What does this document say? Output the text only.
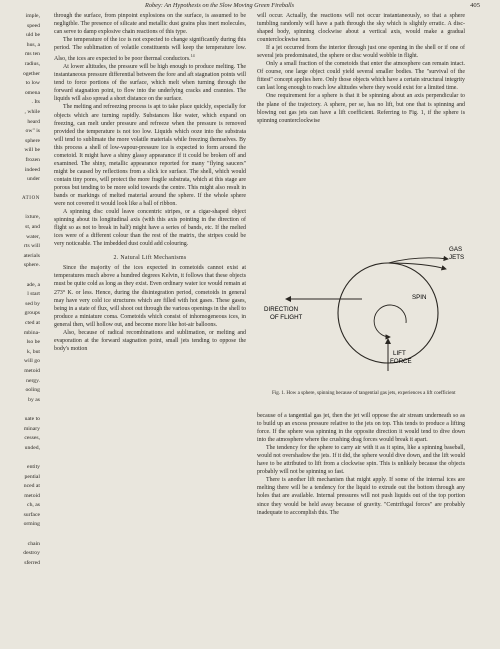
Robey: An Hypothesis on the Slow Moving Green Fireballs	405
imple,
speed
uld be
hus, a
ms ten
radius,
ogether
to low
omena
. Its
, while
heard
ow" is
sphere
will be
frozen
indeed
under
ATION
ixture,
st, and
water,
rts will
aterials
sphere.
ade, a
l start
sed by
groups
cted at
mbina-
lso be
k, but
will go
metoid
nergy.
ooling
by as
uate to
minary
cesses,
unded,
entity
pential
nced at
metoid
ch, as
surface
orming
chain
destroy
sferred

through the surface, from pinpoint explosions on the surface, is assumed to be negligible. The presence of silicate and metallic dust grains plus inert molecules, can serve to damp explosive chain reactions of this type.

The temperature of the ice is not expected to change significantly during this period. The sublimation of volatile constituents will keep the temperature low. Also, the ices are expected to be poor thermal conductors.$^{14}$

At lower altitudes, the pressure will be high enough to produce melting. The instantaneous pressure differential between the fore and aft stagnation points will tend to force portions of the surface, which melt when turning through the forward stagnation point, to flow into the underlying cracks and crannies. The liquids will also spread a short distance on the surface.

The melting and refreezing process is apt to take place quickly, especially for objects which are turning rapidly. Substances like water, which expand on freezing, can melt under pressure and refreeze when the pressure is removed provided the temperature is not too low. Liquids which ooze into the substrata will tend to sublimate the more volatile materials while freezing themselves. By this process a shell of low-vapour-pressure ice is expected to form around the cometoid. It might have a shiny glassy appearance if it could be broken off and examined. The shiny, metallic appearance reported for many "flying saucers" might be caused by reflections from a slick ice surface. The shell, which would contain tiny pores, will protect the more fragile substrata, which at this stage are porous but tending to be more solid towards the centre. This might also result in bands or markings of melted material around the sphere. If the whole sphere were not covered it would look like a ball of ribbon.

A spinning disc could leave concentric stripes, or a cigar-shaped object spinning about its longitudinal axis (with this axis pointing in the direction of flight so as not to break in half) might have a series of bands, etc. If the melted ices were of a different colour than the rest of the matrix, the stripes could be very noticeable. The imbedded dust could add colouring.

2. Natural Lift Mechanisms

Since the majority of the ices expected in cometoids cannot exist at temperatures much above a hundred degrees Kelvin, it follows that these objects must be quite cold as long as they exist. Even ordinary water ice would remain at 273° K. or less. Hence, during the disintegration period, cometoids in general may have very cold ice structures which are filled with hot gases. These gases, being in a state of flux, will shoot out through the various openings in the shell to produce a miniature coma. Cometoids which consist of inhomogeneous ices, in general then, will hollow out, and become more like hot-air balloons.

Also, because of radical recombinations and sublimation, or melting and evaporation at the forward stagnation point, small jets tending to oppose the body's motion

will occur. Actually, the reactions will not occur instantaneously, so that a sphere tumbling randomly will have a path through the sky which is slightly erratic. A disc-shaped body, spinning clockwise about a vertical axis, would make a gradual counterclockwise turn.

If a jet occurred from the interior through just one opening in the shell or if one of several jets predominated, the sphere or disc would wobble in flight.

Only a small fraction of the cometoids that enter the atmosphere can remain intact. Of course, one large object could yield several smaller bodies. The "survival of the fittest" concept applies here. Only those objects which have a certain structural integrity can last long enough to reach low altitudes where they would exist for a limited time.

One requirement for a sphere is that it be spinning about an axis perpendicular to the plane of the trajectory. A sphere, per se, has no lift, but one that is spinning and blowing out gas jets can have a lift coefficient. Referring to Fig. 1, if the sphere is spinning counterclockwise

GAS
JETS
SPIN
DIRECTION
OF FLIGHT
LIFT
FORCE
Fig. 1. How a sphere, spinning because of tangential gas jets, experiences a lift coefficient

because of a tangential gas jet, then the jet will oppose the air stream underneath so as to build up an excess pressure relative to the jets on top. This tends to produce a lifting force. If the sphere was spinning in the opposite direction it would tend to dive down into the atmosphere where the crushing drag forces would break it apart.

The tendency for the sphere to carry air with it as it spins, like a spinning baseball, would not overshadow the jets. If it did, the sphere would dive down, and the lift would have to be attributed to lift from a clockwise spin. This is unlikely because the objects probably will not be spinning so fast.

There is another lift mechanism that might apply. If some of the internal ices are melting there will be a tendency for the liquid to extrude out the bottom through any holes that are available. Internal pressures will not push liquids out of the top portion since they would be held away because of gravity. "Centrifugal forces" are probably inadequate to accomplish this. The
